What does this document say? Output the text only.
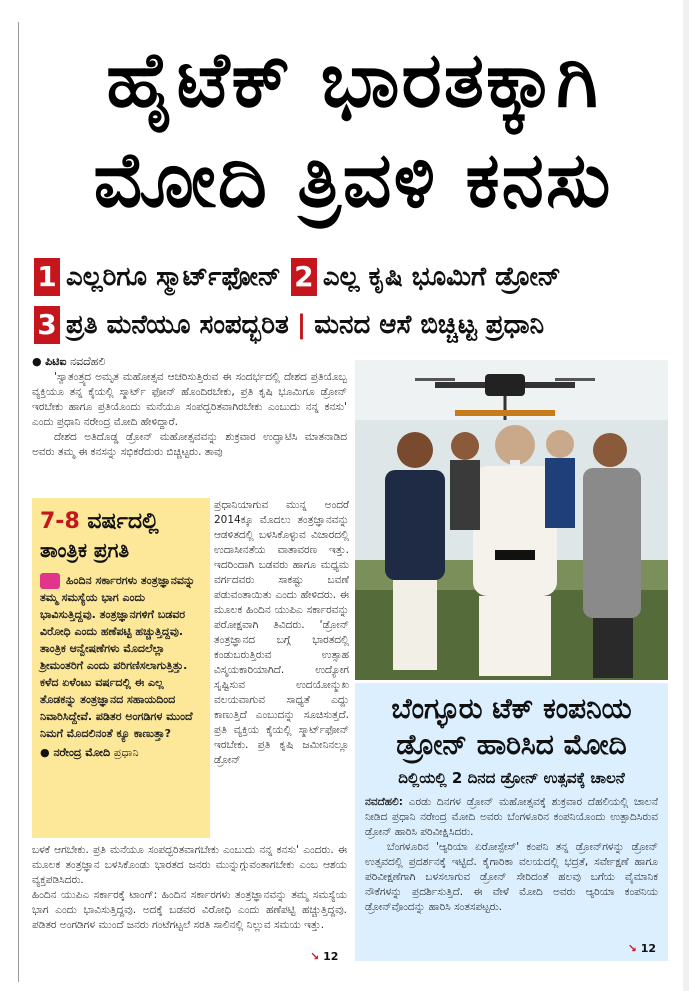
ಹೈಟೆಕ್ ಭಾರತಕ್ಕಾಗಿ
ಮೋದಿ ತ್ರಿವಳಿ ಕನಸು
1 ಎಲ್ಲರಿಗೂ ಸ್ಮಾರ್ಟ್‌ಫೋನ್ 2 ಎಲ್ಲ ಕೃಷಿ ಭೂಮಿಗೆ ಡ್ರೋನ್
3 ಪ್ರತಿ ಮನೆಯೂ ಸಂಪದ್ಭರಿತ | ಮನದ ಆಸೆ ಬಿಚ್ಚಿಟ್ಟ ಪ್ರಧಾನಿ
● ಪಿಟಿಐ ನವದೆಹಲಿ

'ಸ್ವಾತಂತ್ರ್ಯದ ಅಮೃತ ಮಹೋತ್ಸವ ಆಚರಿಸುತ್ತಿರುವ ಈ ಸಂದರ್ಭದಲ್ಲಿ ದೇಶದ ಪ್ರತಿಯೊಬ್ಬ ವ್ಯಕ್ತಿಯೂ ತನ್ನ ಕೈಯಲ್ಲಿ ಸ್ಮಾರ್ಟ್ ಫೋನ್ ಹೊಂದಿರಬೇಕು, ಪ್ರತಿ ಕೃಷಿ ಭೂಮಿಗೂ ಡ್ರೋನ್ ಇರಬೇಕು ಹಾಗೂ ಪ್ರತಿಯೊಂದು ಮನೆಯೂ ಸಂಪದ್ಭರಿತವಾಗಿರಬೇಕು ಎಂಬುದು ನನ್ನ ಕನಸು' ಎಂದು ಪ್ರಧಾನಿ ನರೇಂದ್ರ ಮೋದಿ ಹೇಳಿದ್ದಾರೆ.

ದೇಶದ ಅತಿದೊಡ್ಡ ಡ್ರೋನ್ ಮಹೋತ್ಸವವನ್ನು ಶುಕ್ರವಾರ ಉದ್ಘಾಟಿಸಿ ಮಾತನಾಡಿದ ಅವರು ತಮ್ಮ ಈ ಕನಸನ್ನು ಸಭಿಕರೆದುರು ಬಿಚ್ಚಿಟ್ಟರು. ತಾವು

7-8 ವರ್ಷದಲ್ಲಿ
ತಾಂತ್ರಿಕ ಪ್ರಗತಿ
ಹಿಂದಿನ ಸರ್ಕಾರಗಳು ತಂತ್ರಜ್ಞಾನವನ್ನು ತಮ್ಮ ಸಮಸ್ಯೆಯ ಭಾಗ ಎಂದು ಭಾವಿಸುತ್ತಿದ್ದವು. ತಂತ್ರಜ್ಞಾನಗಳಿಗೆ ಬಡವರ ವಿರೋಧಿ ಎಂದು ಹಣೆಪಟ್ಟಿ ಹಚ್ಚುತ್ತಿದ್ದವು. ತಾಂತ್ರಿಕ ಆನ್ವೇಷಣೆಗಳು ಮೊದಲೆಲ್ಲಾ ಶ್ರೀಮಂತರಿಗೆ ಎಂದು ಪರಿಗಣಿಸಲಾಗುತ್ತಿತ್ತು. ಕಳೆದ ಏಳೆಂಟು ವರ್ಷದಲ್ಲಿ ಈ ಎಲ್ಲ ತೊಡಕನ್ನು ತಂತ್ರಜ್ಞಾನದ ಸಹಾಯದಿಂದ ನಿವಾರಿಸಿದ್ದೇವೆ. ಪಡಿತರ ಅಂಗಡಿಗಳ ಮುಂದೆ ನಿಮಗೆ ಮೊದಲಿನಂತೆ ಕ್ಯೂ ಕಾಣುತ್ತಾ?
● ನರೇಂದ್ರ ಮೋದಿ ಪ್ರಧಾನಿ

ಪ್ರಧಾನಿಯಾಗುವ ಮುನ್ನ ಅಂದರೆ 2014ಕ್ಕೂ ಮೊದಲು ತಂತ್ರಜ್ಞಾನವನ್ನು ಆಡಳಿತದಲ್ಲಿ ಬಳಸಿಕೊಳ್ಳುವ ವಿಚಾರದಲ್ಲಿ ಉದಾಸೀನತೆಯ ವಾತಾವರಣ ಇತ್ತು. ಇದರಿಂದಾಗಿ ಬಡವರು ಹಾಗೂ ಮಧ್ಯಮ ವರ್ಗದವರು ಸಾಕಷ್ಟು ಬವಣೆ ಪಡುವಂತಾಯಿತು ಎಂದು ಹೇಳಿದರು. ಈ ಮೂಲಕ ಹಿಂದಿನ ಯುಪಿಎ ಸರ್ಕಾರವನ್ನು ಪರೋಕ್ಷವಾಗಿ ತಿವಿದರು. 'ಡ್ರೋನ್ ತಂತ್ರಜ್ಞಾನದ ಬಗ್ಗೆ ಭಾರತದಲ್ಲಿ ಕಂಡುಬರುತ್ತಿರುವ ಉತ್ಸಾಹ ವಿಸ್ಮಯಕಾರಿಯಾಗಿದೆ. ಉದ್ಯೋಗ ಸೃಷ್ಟಿಸುವ ಉದಯೋನ್ಮುಖ ವಲಯವಾಗುವ ಸಾಧ್ಯತೆ ಎದ್ದು ಕಾಣುತ್ತಿದೆ ಎಂಬುದನ್ನು ಸೂಚಿಸುತ್ತದೆ. ಪ್ರತಿ ವ್ಯಕ್ತಿಯ ಕೈಯಲ್ಲಿ ಸ್ಮಾರ್ಟ್‌ಫೋನ್ ಇರಬೇಕು. ಪ್ರತಿ ಕೃಷಿ ಜಮೀನಿನಲ್ಲೂ ಡ್ರೋನ್

ಬೆಂಗ್ಳೂರು ಟೆಕ್ ಕಂಪನಿಯ ಡ್ರೋನ್ ಹಾರಿಸಿದ ಮೋದಿ
ದಿಲ್ಲಿಯಲ್ಲಿ 2 ದಿನದ ಡ್ರೋನ್ ಉತ್ಸವಕ್ಕೆ ಚಾಲನೆ

ನವದೆಹಲಿ: ಎರಡು ದಿನಗಳ ಡ್ರೋನ್ ಮಹೋತ್ಸವಕ್ಕೆ ಶುಕ್ರವಾರ ದೆಹಲಿಯಲ್ಲಿ ಚಾಲನೆ ನೀಡಿದ ಪ್ರಧಾನಿ ನರೇಂದ್ರ ಮೋದಿ ಅವರು ಬೆಂಗಳೂರಿನ ಕಂಪನಿಯೊಂದು ಉತ್ಪಾದಿಸಿರುವ ಡ್ರೋನ್ ಹಾರಿಸಿ ಪರಿವೀಕ್ಷಿಸಿದರು.

ಬೆಂಗಳೂರಿನ 'ಆ್ಯರಿಯಾ ಏರೋಸ್ಪೇಸ್' ಕಂಪನಿ ತನ್ನ ಡ್ರೋನ್‌ಗಳನ್ನು ಡ್ರೋನ್ ಉತ್ಸವದಲ್ಲಿ ಪ್ರದರ್ಶನಕ್ಕೆ ಇಟ್ಟಿದೆ. ಕೈಗಾರಿಕಾ ವಲಯದಲ್ಲಿ ಭದ್ರತೆ, ಸರ್ವೇಕ್ಷಣೆ ಹಾಗೂ ಪರಿವೀಕ್ಷಣೆಗಾಗಿ ಬಳಸಲಾಗುವ ಡ್ರೋನ್ ಸೇರಿದಂತೆ ಹಲವು ಬಗೆಯ ವೈಮಾನಿಕ ನೌಕೆಗಳನ್ನು ಪ್ರದರ್ಶಿಸುತ್ತಿದೆ. ಈ ವೇಳೆ ಮೋದಿ ಅವರು ಆ್ಯರಿಯಾ ಕಂಪನಿಯ ಡ್ರೋನ್‌ವೊಂದನ್ನು ಹಾರಿಸಿ ಸಂತಸಪಟ್ಟರು.

↘ 12

ಬಳಕೆ ಆಗಬೇಕು. ಪ್ರತಿ ಮನೆಯೂ ಸಂಪದ್ಭರಿತವಾಗಬೇಕು ಎಂಬುದು ನನ್ನ ಕನಸು' ಎಂದರು. ಈ ಮೂಲಕ ತಂತ್ರಜ್ಞಾನ ಬಳಸಿಕೊಂಡು ಭಾರತದ ಜನರು ಮುನ್ನುಗ್ಗುವಂತಾಗಬೇಕು ಎಂಬ ಆಶಯ ವ್ಯಕ್ತಪಡಿಸಿದರು.

ಹಿಂದಿನ ಯುಪಿಎ ಸರ್ಕಾರಕ್ಕೆ ಟಾಂಗ್: ಹಿಂದಿನ ಸರ್ಕಾರಗಳು ತಂತ್ರಜ್ಞಾನವನ್ನು ತಮ್ಮ ಸಮಸ್ಯೆಯ ಭಾಗ ಎಂದು ಭಾವಿಸುತ್ತಿದ್ದವು. ಅದಕ್ಕೆ ಬಡವರ ವಿರೋಧಿ ಎಂದು ಹಣೆಪಟ್ಟಿ ಹಚ್ಚುತ್ತಿದ್ದವು. ಪಡಿತರ ಅಂಗಡಿಗಳ ಮುಂದೆ ಜನರು ಗಂಟೆಗಟ್ಟಲೆ ಸರತಿ ಸಾಲಿನಲ್ಲಿ ನಿಲ್ಲುವ ಸಮಯ ಇತ್ತು.

↘ 12
